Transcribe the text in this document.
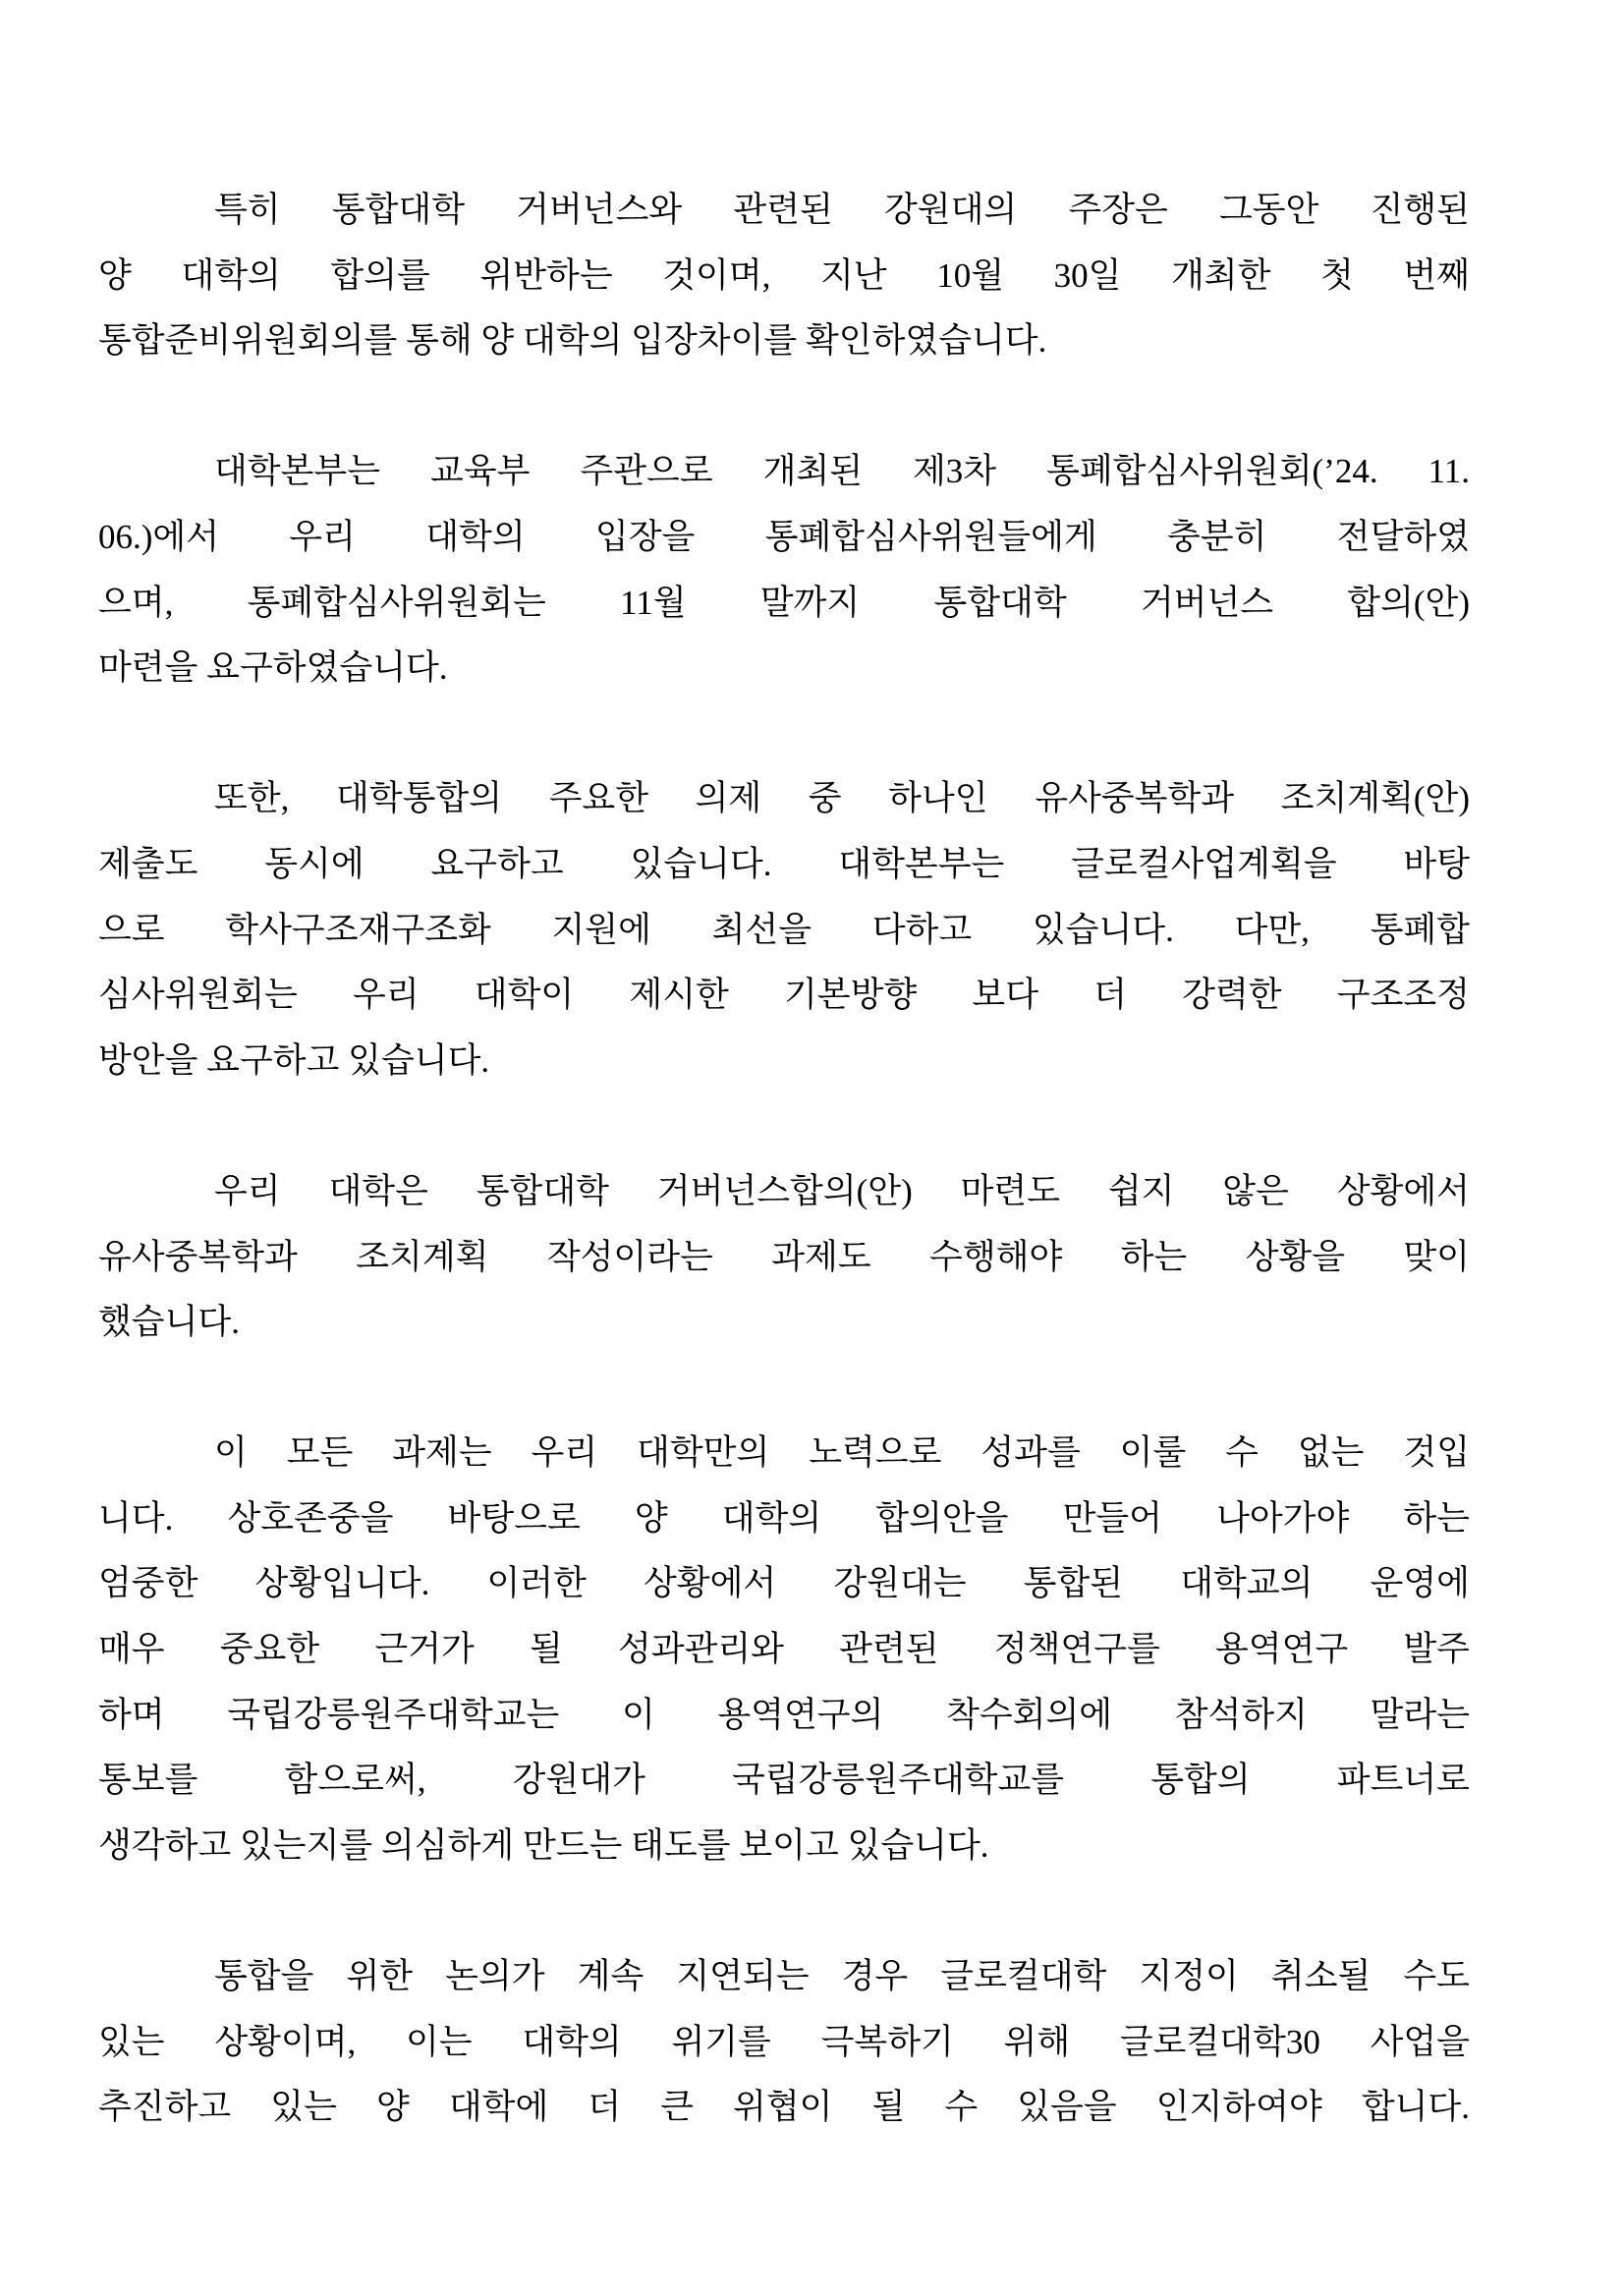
특히 통합대학 거버넌스와 관련된 강원대의 주장은 그동안 진행된
양 대학의 합의를 위반하는 것이며, 지난 10월 30일 개최한 첫 번째
통합준비위원회의를 통해 양 대학의 입장차이를 확인하였습니다.
대학본부는 교육부 주관으로 개최된 제3차 통폐합심사위원회(’24. 11.
06.)에서 우리 대학의 입장을 통폐합심사위원들에게 충분히 전달하였
으며, 통폐합심사위원회는 11월 말까지 통합대학 거버넌스 합의(안)
마련을 요구하였습니다.
또한, 대학통합의 주요한 의제 중 하나인 유사중복학과 조치계획(안)
제출도 동시에 요구하고 있습니다. 대학본부는 글로컬사업계획을 바탕
으로 학사구조재구조화 지원에 최선을 다하고 있습니다. 다만, 통폐합
심사위원회는 우리 대학이 제시한 기본방향 보다 더 강력한 구조조정
방안을 요구하고 있습니다.
우리 대학은 통합대학 거버넌스합의(안) 마련도 쉽지 않은 상황에서
유사중복학과 조치계획 작성이라는 과제도 수행해야 하는 상황을 맞이
했습니다.
이 모든 과제는 우리 대학만의 노력으로 성과를 이룰 수 없는 것입
니다. 상호존중을 바탕으로 양 대학의 합의안을 만들어 나아가야 하는
엄중한 상황입니다. 이러한 상황에서 강원대는 통합된 대학교의 운영에
매우 중요한 근거가 될 성과관리와 관련된 정책연구를 용역연구 발주
하며 국립강릉원주대학교는 이 용역연구의 착수회의에 참석하지 말라는
통보를 함으로써, 강원대가 국립강릉원주대학교를 통합의 파트너로
생각하고 있는지를 의심하게 만드는 태도를 보이고 있습니다.
통합을 위한 논의가 계속 지연되는 경우 글로컬대학 지정이 취소될 수도
있는 상황이며, 이는 대학의 위기를 극복하기 위해 글로컬대학30 사업을
추진하고 있는 양 대학에 더 큰 위협이 될 수 있음을 인지하여야 합니다.
